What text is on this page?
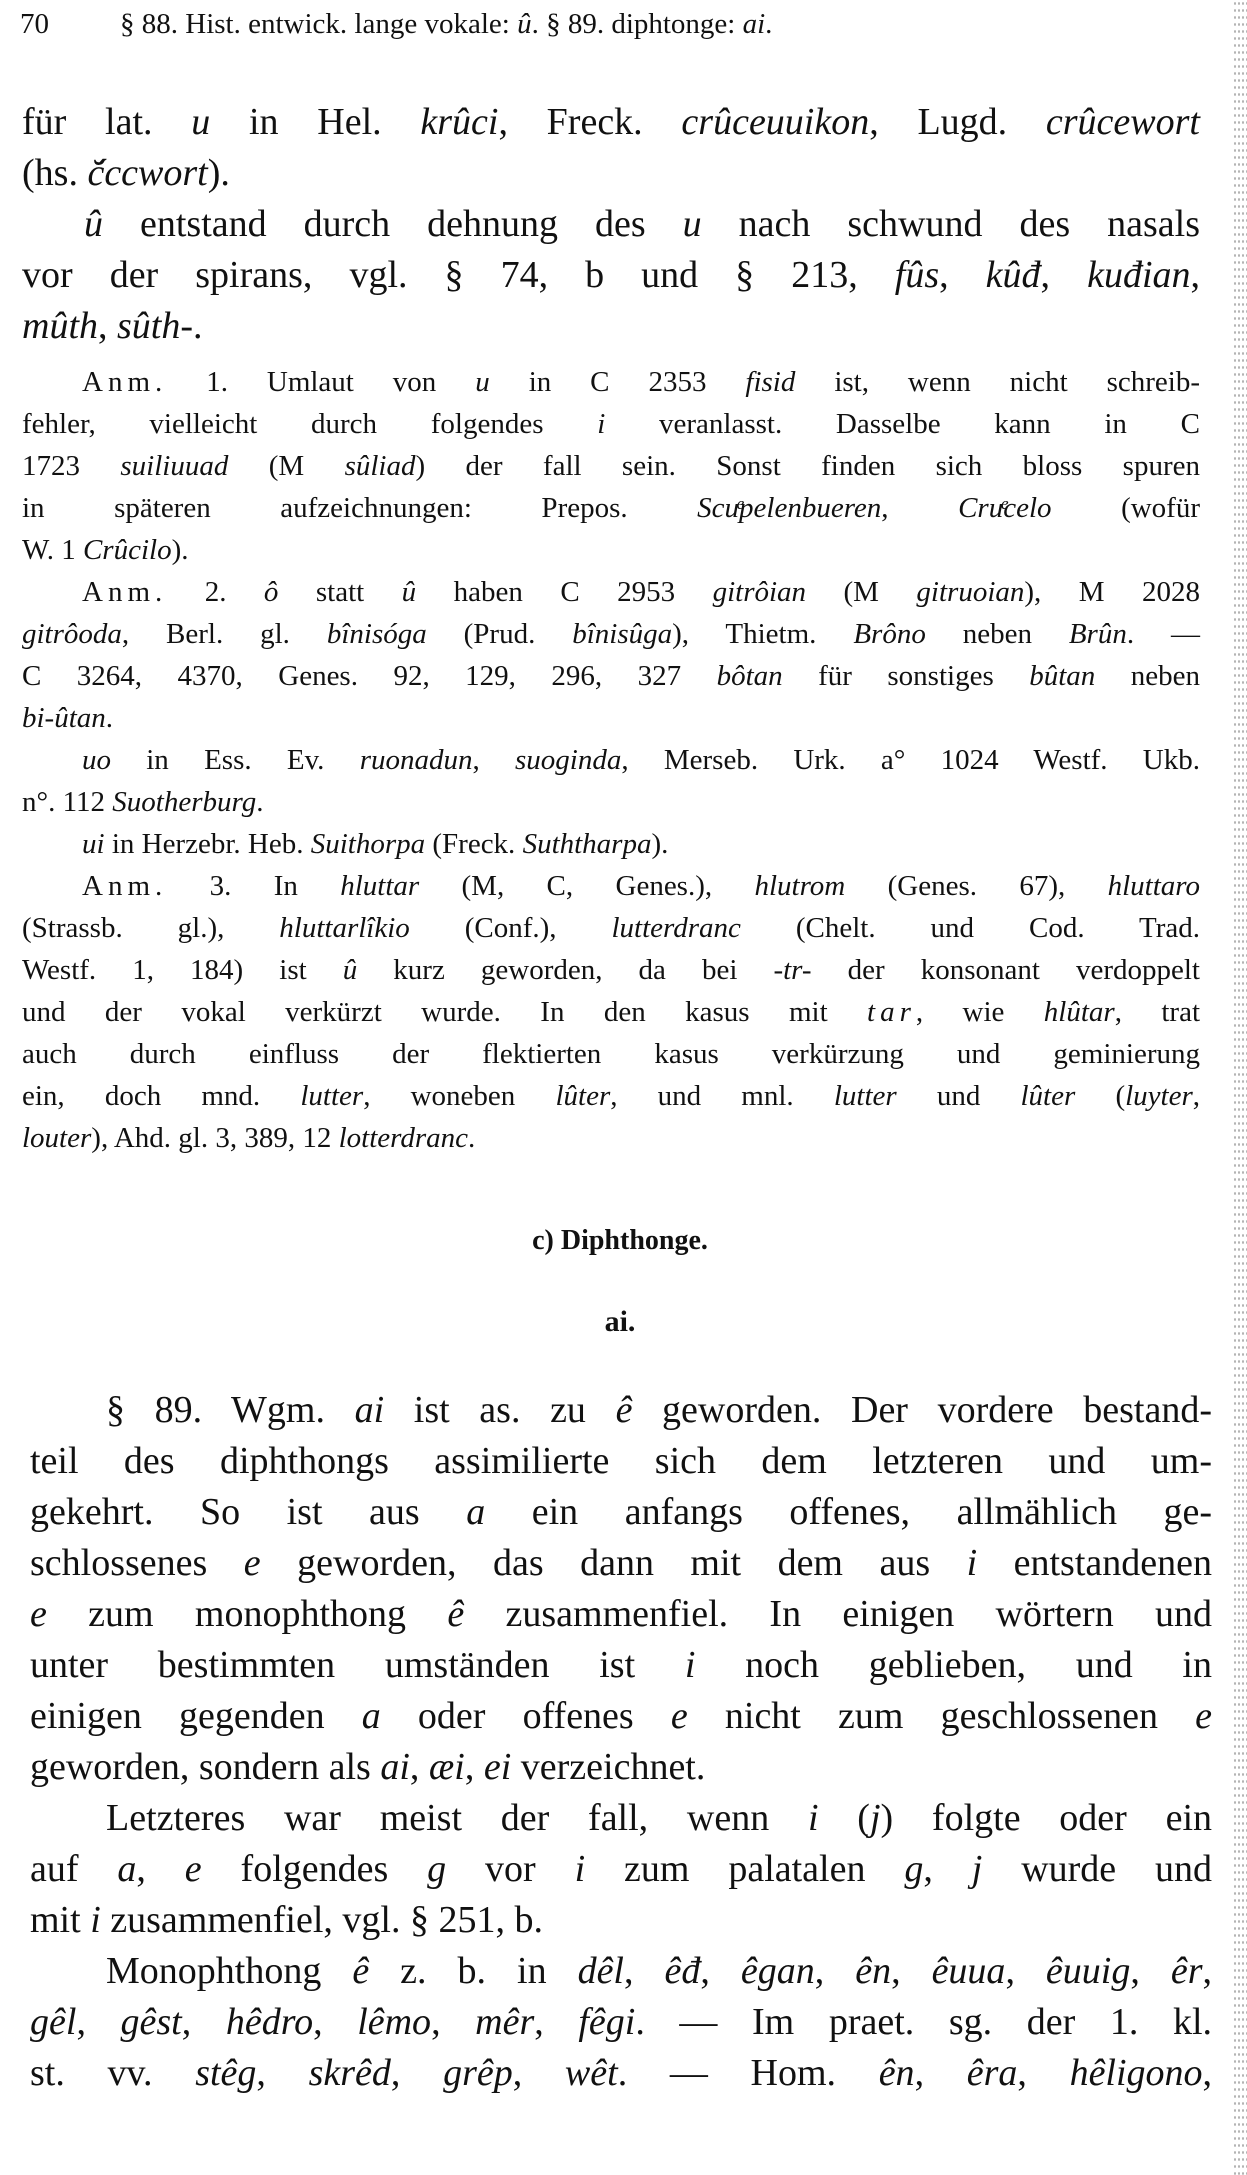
70 § 88. Hist. entwick. lange vokale: û. § 89. diphtonge: ai.
für lat. u in Hel. krûci, Freck. crûceuuikon, Lugd. crûcewort
(hs. c̆́ccwort).
û entstand durch dehnung des u nach schwund des nasals
vor der spirans, vgl. § 74, b und § 213, fûs, kûđ, kuđian,
mûth, sûth-.
Anm. 1. Umlaut von u in C 2353 fisid ist, wenn nicht schreib-
fehler, vielleicht durch folgendes i veranlasst. Dasselbe kann in C
1723 suiliuuad (M sûliad) der fall sein. Sonst finden sich bloss spuren
in späteren aufzeichnungen: Prepos. Scuͤpelenbueren, Cruͤcelo (wofür
W. 1 Crûcilo).
Anm. 2. ô statt û haben C 2953 gitrôian (M gitruoian), M 2028
gitrôoda, Berl. gl. bînisóga (Prud. bînisûga), Thietm. Brôno neben Brûn. —
C 3264, 4370, Genes. 92, 129, 296, 327 bôtan für sonstiges bûtan neben
bi-ûtan.
uo in Ess. Ev. ruonadun, suoginda, Merseb. Urk. a° 1024 Westf. Ukb.
n°. 112 Suotherburg.
ui in Herzebr. Heb. Suithorpa (Freck. Suththarpa).
Anm. 3. In hluttar (M, C, Genes.), hlutrom (Genes. 67), hluttaro
(Strassb. gl.), hluttarlîkio (Conf.), lutterdranc (Chelt. und Cod. Trad.
Westf. 1, 184) ist û kurz geworden, da bei -tr- der konsonant verdoppelt
und der vokal verkürzt wurde. In den kasus mit tar, wie hlûtar, trat
auch durch einfluss der flektierten kasus verkürzung und geminierung
ein, doch mnd. lutter, woneben lûter, und mnl. lutter und lûter (luyter,
louter), Ahd. gl. 3, 389, 12 lotterdranc.
c) Diphthonge.
ai.
§ 89. Wgm. ai ist as. zu ê geworden. Der vordere bestand-
teil des diphthongs assimilierte sich dem letzteren und um-
gekehrt. So ist aus a ein anfangs offenes, allmählich ge-
schlossenes e geworden, das dann mit dem aus i entstandenen
e zum monophthong ê zusammenfiel. In einigen wörtern und
unter bestimmten umständen ist i noch geblieben, und in
einigen gegenden a oder offenes e nicht zum geschlossenen e
geworden, sondern als ai, æi, ei verzeichnet.
Letzteres war meist der fall, wenn i (j) folgte oder ein
auf a, e folgendes g vor i zum palatalen g, j wurde und
mit i zusammenfiel, vgl. § 251, b.
Monophthong ê z. b. in dêl, êđ, êgan, ên, êuua, êuuig, êr,
gêl, gêst, hêdro, lêmo, mêr, fêgi. — Im praet. sg. der 1. kl.
st. vv. stêg, skrêd, grêp, wêt. — Hom. ên, êra, hêligono,
